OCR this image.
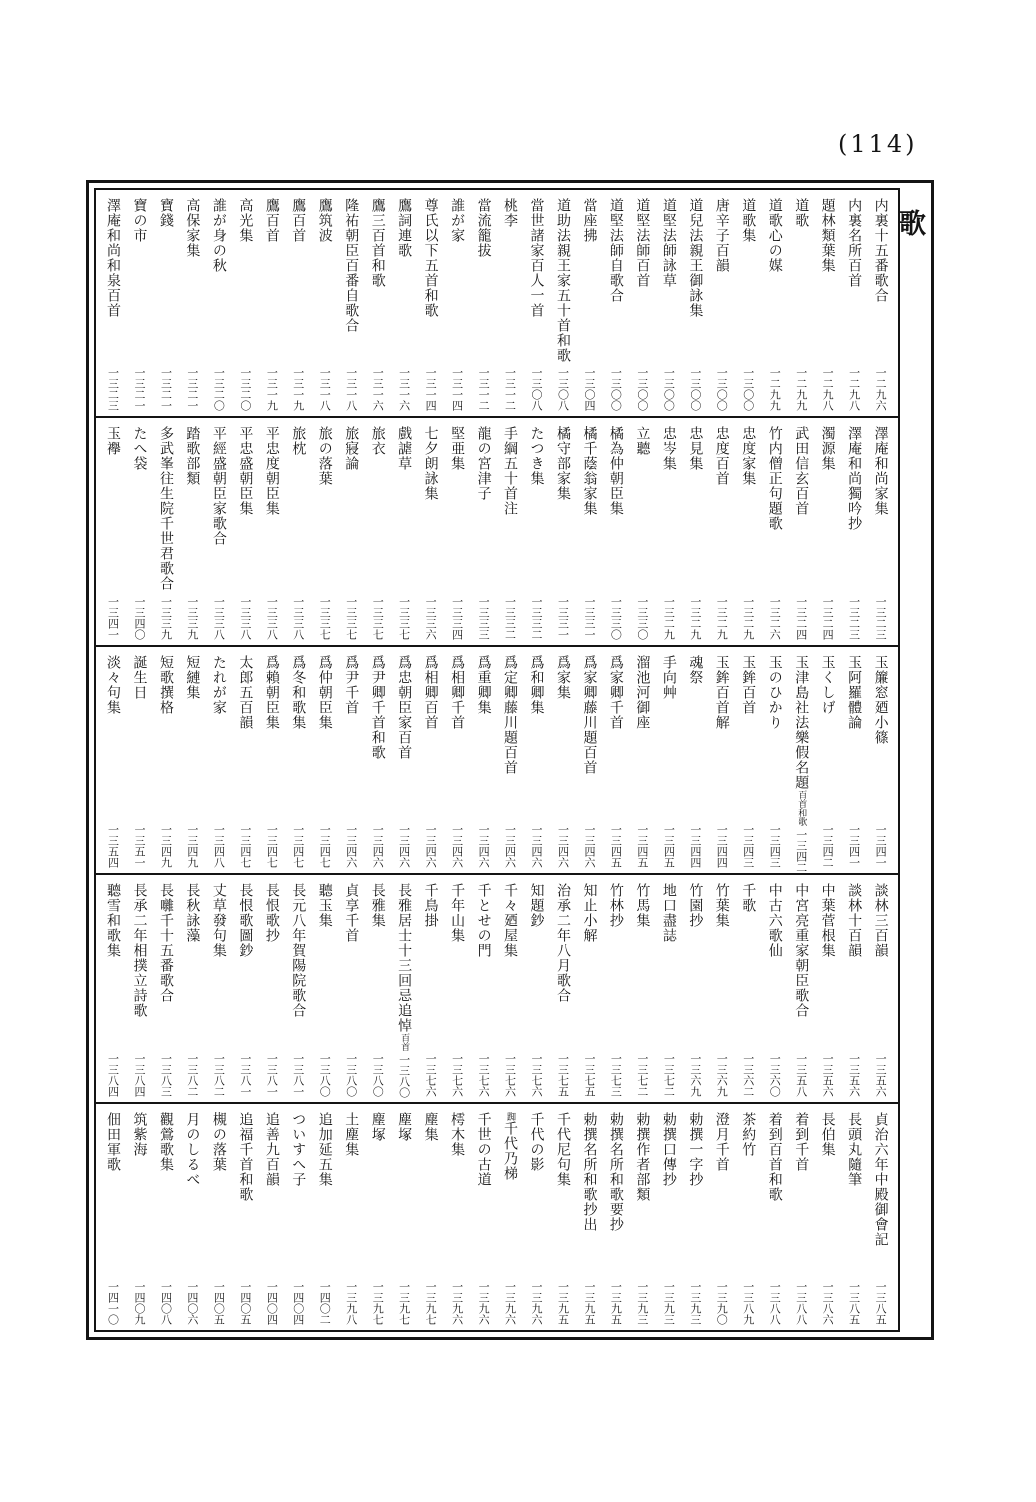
(114)
内裏十五番歌合
一二九六
内裏名所百首
一二九八
題林類葉集
一二九八
道歌
一二九九
道歌心の媒
一二九九
道歌集
一三〇〇
唐辛子百韻
一三〇〇
道兒法親王御詠集
一三〇〇
道堅法師詠草
一三〇〇
道堅法師百首
一三〇〇
道堅法師自歌合
一三〇〇
當座拂
一三〇四
道助法親王家五十首和歌
一三〇八
當世諸家百人一首
一三〇八
桃李
一三一二
當流籠拔
一三一二
誰が家
一三一四
尊氏以下五首和歌
一三一四
鷹詞連歌
一三一六
鷹三百首和歌
一三一六
隆祐朝臣百番自歌合
一三一八
鷹筑波
一三一八
鷹百首
一三一九
鷹百首
一三一九
高光集
一三二〇
誰が身の秋
一三二〇
高保家集
一三二一
寶錢
一三二一
寶の市
一三二一
澤庵和尚和泉百首
一三二三
澤庵和尚家集
一三二三
澤庵和尚獨吟抄
一三二三
濁源集
一三二四
武田信玄百首
一三二四
竹内僧正句題歌
一三二六
忠度家集
一三二九
忠度百首
一三二九
忠見集
一三二九
忠岑集
一三二九
立聽
一三三〇
橘為仲朝臣集
一三三〇
橘千蔭翁家集
一三三一
橘守部家集
一三三一
たつき集
一三三二
手綱五十首注
一三三二
龍の宮津子
一三三三
堅亜集
一三三四
七夕朗詠集
一三三六
戲謔草
一三三七
旅衣
一三三七
旅寢論
一三三七
旅の落葉
一三三七
旅枕
一三三八
平忠度朝臣集
一三三八
平忠盛朝臣集
一三三八
平經盛朝臣家歌合
一三三八
踏歌部類
一三三九
多武峯往生院千世君歌合
一三三九
たへ袋
一三四〇
玉襷
一三四一
玉簾窓廼小篠
一三四一
玉阿羅體論
一三四一
玉くしげ
一三四二
玉津島社法樂假名題百首和歌
一三四二
玉のひかり
一三四三
玉鉾百首
一三四三
玉鉾百首解
一三四四
魂祭
一三四四
手向艸
一三四五
溜池河御座
一三四五
爲家卿千首
一三四五
爲家卿藤川題百首
一三四六
爲家集
一三四六
爲和卿集
一三四六
爲定卿藤川題百首
一三四六
爲重卿集
一三四六
爲相卿千首
一三四六
爲相卿百首
一三四六
爲忠朝臣家百首
一三四六
爲尹卿千首和歌
一三四六
爲尹千首
一三四六
爲仲朝臣集
一三四七
爲冬和歌集
一三四七
爲賴朝臣集
一三四七
太郎五百韻
一三四七
たれが家
一三四八
短縺集
一三四九
短歌撰格
一三四九
誕生日
一三五一
淡々句集
一三五四
談林三百韻
一三五六
談林十百韻
一三五六
中葉菅根集
一三五六
中宮亮重家朝臣歌合
一三五八
中古六歌仙
一三六〇
千歌
一三六二
竹葉集
一三六九
竹園抄
一三六九
地口盡誌
一三七二
竹馬集
一三七二
竹林抄
一三七三
知止小解
一三七五
治承二年八月歌合
一三七五
知題鈔
一三七六
千々廼屋集
一三七六
千とせの門
一三七六
千年山集
一三七六
千鳥掛
一三七六
長雅居士十三回忌追悼百首
一三八〇
長雅集
一三八〇
貞享千首
一三八〇
聽玉集
一三八〇
長元八年賀陽院歌合
一三八一
長恨歌抄
一三八一
長恨歌圖鈔
一三八一
丈草發句集
一三八二
長秋詠藻
一三八二
長囃千十五番歌合
一三八三
長承二年相撲立詩歌
一三八四
聽雪和歌集
一三八四
貞治六年中殿御會記
一三八五
長頭丸隨筆
一三八五
長伯集
一三八六
着到千首
一三八八
着到百首和歌
一三八八
茶約竹
一三八九
澄月千首
一三九〇
勅撰一字抄
一三九三
勅撰口傳抄
一三九三
勅撰作者部類
一三九三
勅撰名所和歌要抄
一三九五
勅撰名所和歌抄出
一三九五
千代尼句集
一三九五
千代の影
一三九六
踟千代乃梯
一三九六
千世の古道
一三九六
樗木集
一三九六
塵集
一三九七
塵塚
一三九七
塵塚
一三九七
土塵集
一三九八
追加延五集
一四〇二
ついすへ子
一四〇四
追善九百韻
一四〇四
追福千首和歌
一四〇五
槻の落葉
一四〇五
月のしるべ
一四〇六
觀鶯歌集
一四〇八
筑紫海
一四〇九
佃田軍歌
一四一〇
歌
